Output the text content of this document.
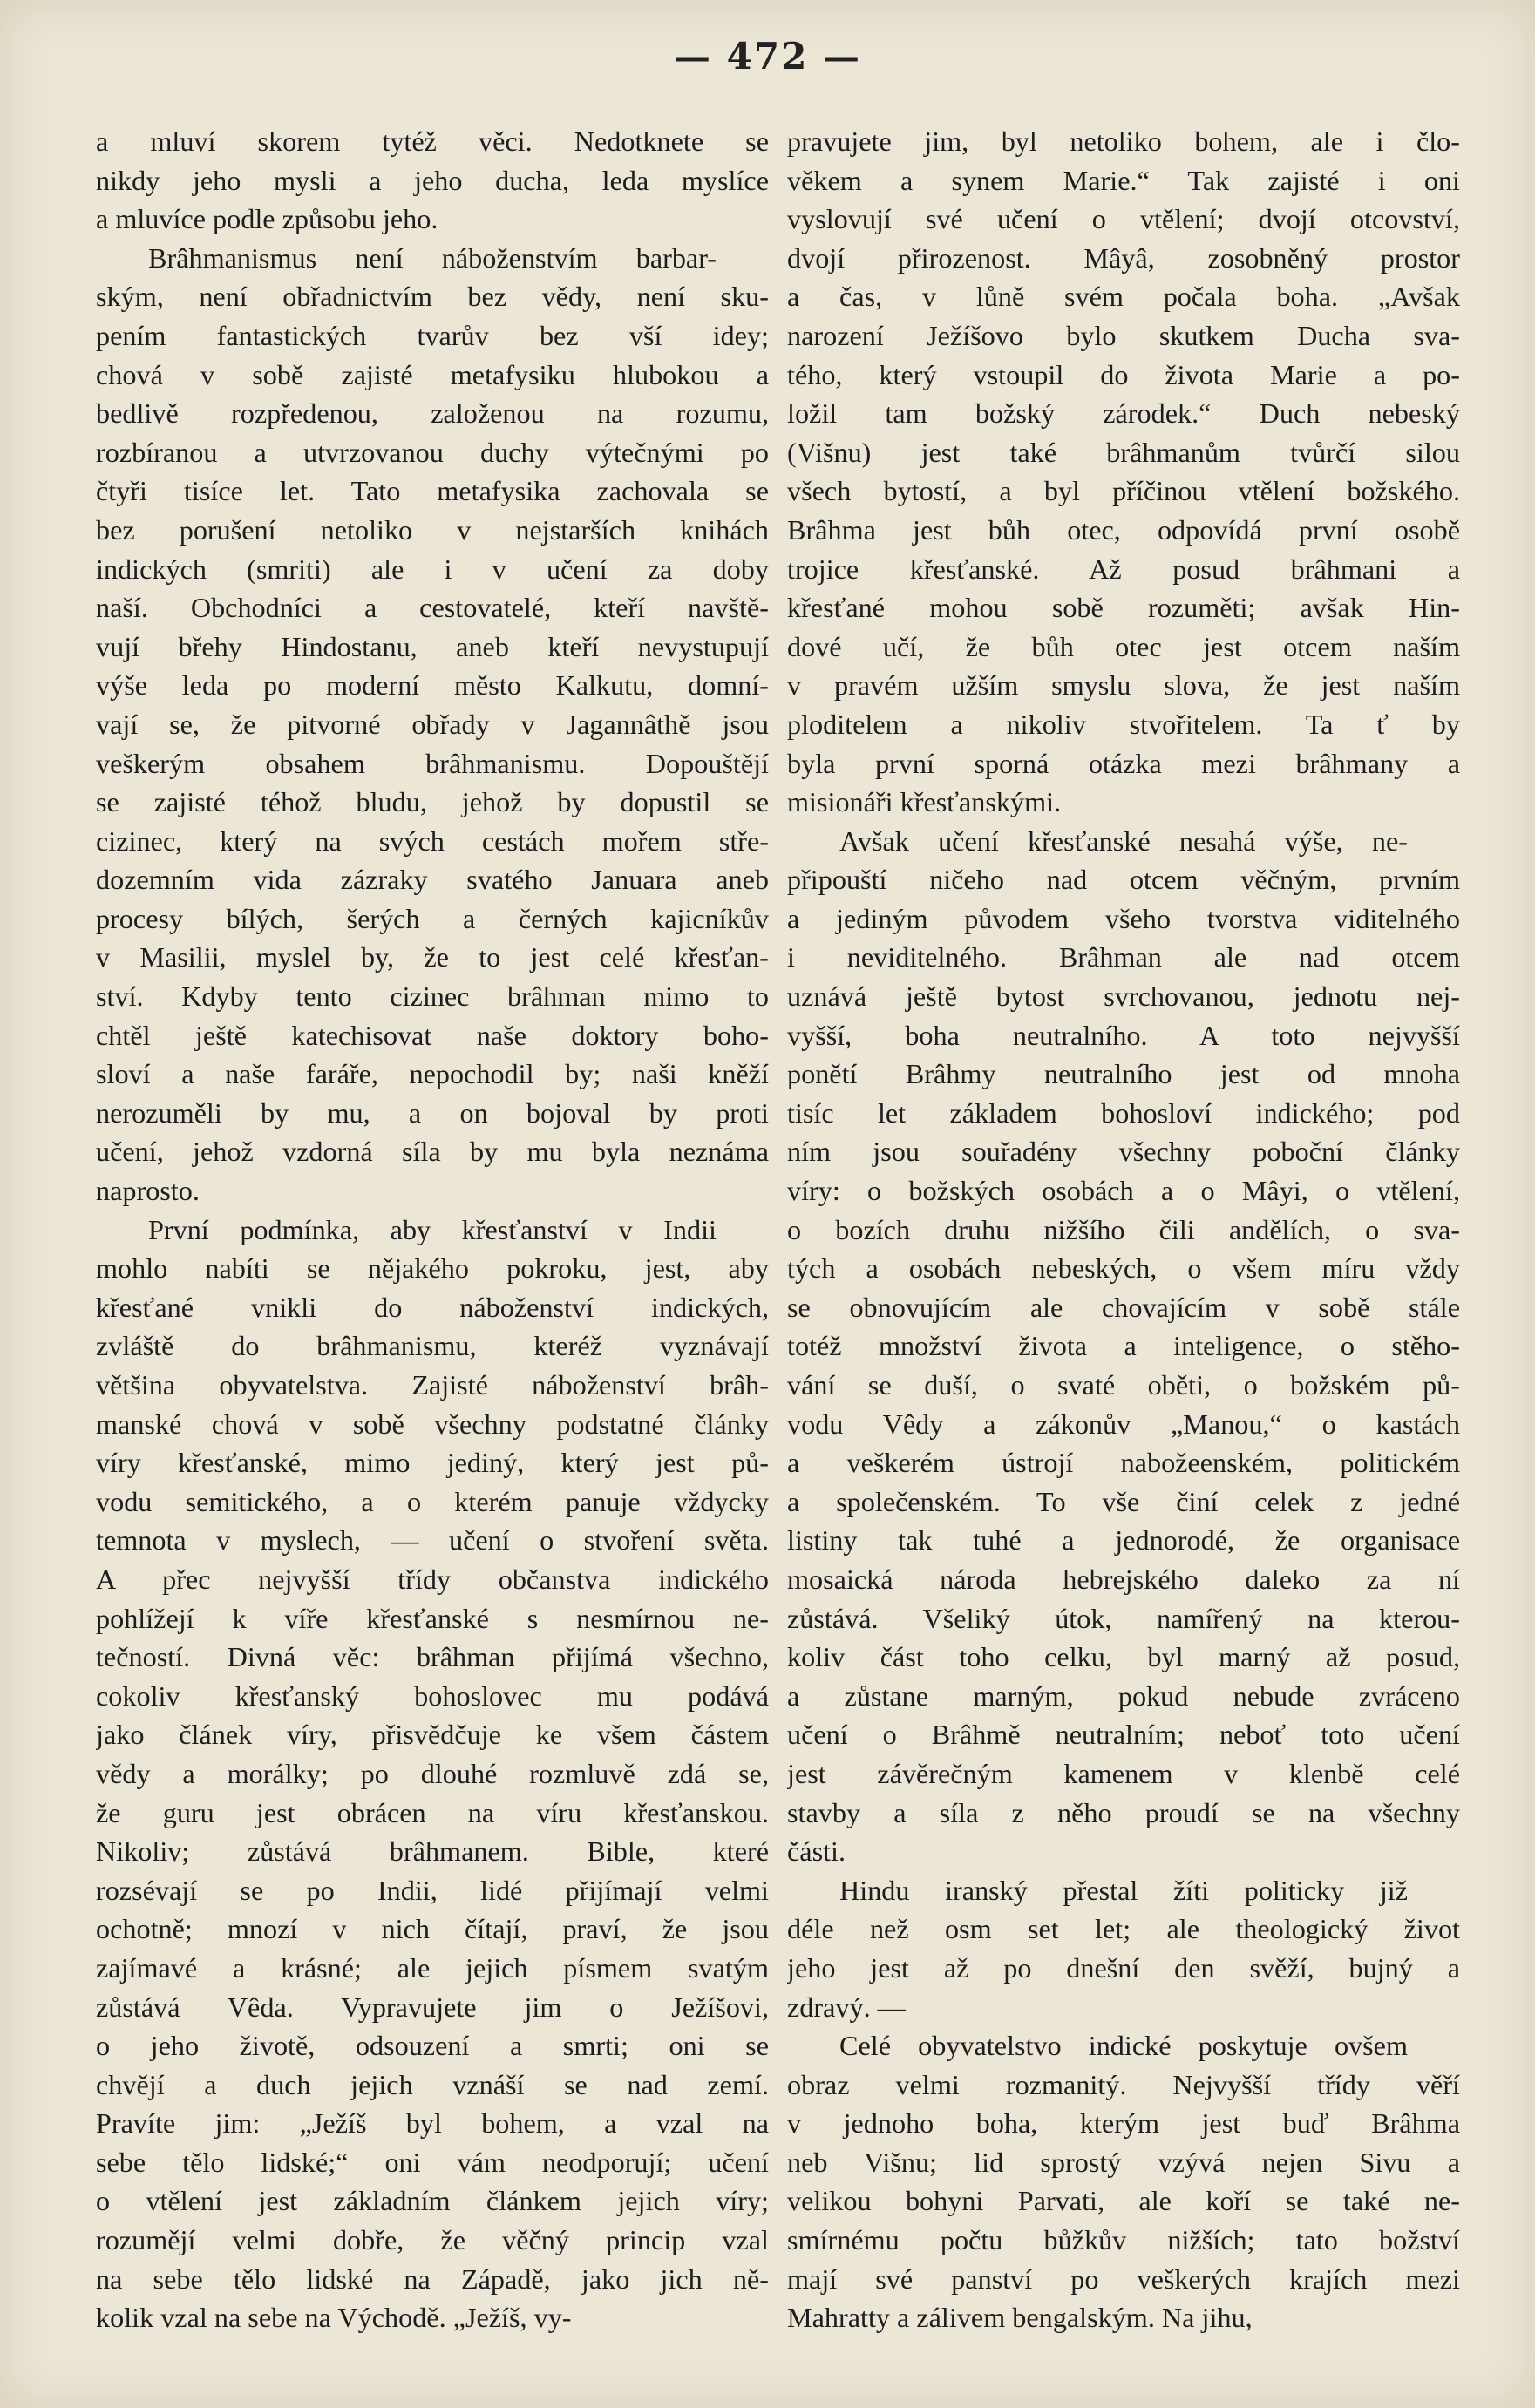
— 472 —
a mluví skorem tytéž věci. Nedotknete se
nikdy jeho mysli a jeho ducha, leda myslíce
a mluvíce podle způsobu jeho.
Brâhmanismus není náboženstvím barbar-
ským, není obřadnictvím bez vědy, není sku-
pením fantastických tvarův bez vší idey;
chová v sobě zajisté metafysiku hlubokou a
bedlivě rozpředenou, založenou na rozumu,
rozbíranou a utvrzovanou duchy výtečnými po
čtyři tisíce let. Tato metafysika zachovala se
bez porušení netoliko v nejstarších knihách
indických (smriti) ale i v učení za doby
naší. Obchodníci a cestovatelé, kteří navště-
vují břehy Hindostanu, aneb kteří nevystupují
výše leda po moderní město Kalkutu, domní-
vají se, že pitvorné obřady v Jagannâthě jsou
veškerým obsahem brâhmanismu. Dopouštějí
se zajisté téhož bludu, jehož by dopustil se
cizinec, který na svých cestách mořem stře-
dozemním vida zázraky svatého Januara aneb
procesy bílých, šerých a černých kajicníkův
v Masilii, myslel by, že to jest celé křesťan-
ství. Kdyby tento cizinec brâhman mimo to
chtěl ještě katechisovat naše doktory boho-
sloví a naše faráře, nepochodil by; naši kněží
nerozuměli by mu, a on bojoval by proti
učení, jehož vzdorná síla by mu byla neznáma
naprosto.
První podmínka, aby křesťanství v Indii
mohlo nabíti se nějakého pokroku, jest, aby
křesťané vnikli do náboženství indických,
zvláště do brâhmanismu, kteréž vyznávají
většina obyvatelstva. Zajisté náboženství brâh-
manské chová v sobě všechny podstatné články
víry křesťanské, mimo jediný, který jest pů-
vodu semitického, a o kterém panuje vždycky
temnota v myslech, — učení o stvoření světa.
A přec nejvyšší třídy občanstva indického
pohlížejí k víře křesťanské s nesmírnou ne-
tečností. Divná věc: brâhman přijímá všechno,
cokoliv křesťanský bohoslovec mu podává
jako článek víry, přisvědčuje ke všem částem
vědy a morálky; po dlouhé rozmluvě zdá se,
že guru jest obrácen na víru křesťanskou.
Nikoliv; zůstává brâhmanem. Bible, které
rozsévají se po Indii, lidé přijímají velmi
ochotně; mnozí v nich čítají, praví, že jsou
zajímavé a krásné; ale jejich písmem svatým
zůstává Vêda. Vypravujete jim o Ježíšovi,
o jeho životě, odsouzení a smrti; oni se
chvějí a duch jejich vznáší se nad zemí.
Pravíte jim: „Ježíš byl bohem, a vzal na
sebe tělo lidské;“ oni vám neodporují; učení
o vtělení jest základním článkem jejich víry;
rozumějí velmi dobře, že věčný princip vzal
na sebe tělo lidské na Západě, jako jich ně-
kolik vzal na sebe na Východě. „Ježíš, vy-
pravujete jim, byl netoliko bohem, ale i člo-
věkem a synem Marie.“ Tak zajisté i oni
vyslovují své učení o vtělení; dvojí otcovství,
dvojí přirozenost. Mâyâ, zosobněný prostor
a čas, v lůně svém počala boha. „Avšak
narození Ježíšovo bylo skutkem Ducha sva-
tého, který vstoupil do života Marie a po-
ložil tam božský zárodek.“ Duch nebeský
(Višnu) jest také brâhmanům tvůrčí silou
všech bytostí, a byl příčinou vtělení božského.
Brâhma jest bůh otec, odpovídá první osobě
trojice křesťanské. Až posud brâhmani a
křesťané mohou sobě rozuměti; avšak Hin-
dové učí, že bůh otec jest otcem naším
v pravém užším smyslu slova, že jest naším
ploditelem a nikoliv stvořitelem. Ta ť by
byla první sporná otázka mezi brâhmany a
misionáři křesťanskými.
Avšak učení křesťanské nesahá výše, ne-
připouští ničeho nad otcem věčným, prvním
a jediným původem všeho tvorstva viditelného
i neviditelného. Brâhman ale nad otcem
uznává ještě bytost svrchovanou, jednotu nej-
vyšší, boha neutralního. A toto nejvyšší
ponětí Brâhmy neutralního jest od mnoha
tisíc let základem bohosloví indického; pod
ním jsou souřadény všechny poboční články
víry: o božských osobách a o Mâyi, o vtělení,
o bozích druhu nižšího čili andělích, o sva-
tých a osobách nebeských, o všem míru vždy
se obnovujícím ale chovajícím v sobě stále
totéž množství života a inteligence, o stěho-
vání se duší, o svaté oběti, o božském pů-
vodu Vêdy a zákonův „Manou,“ o kastách
a veškerém ústrojí nabožeenském, politickém
a společenském. To vše činí celek z jedné
listiny tak tuhé a jednorodé, že organisace
mosaická národa hebrejského daleko za ní
zůstává. Všeliký útok, namířený na kterou-
koliv část toho celku, byl marný až posud,
a zůstane marným, pokud nebude zvráceno
učení o Brâhmě neutralním; neboť toto učení
jest závěrečným kamenem v klenbě celé
stavby a síla z něho proudí se na všechny
části.
Hindu iranský přestal žíti politicky již
déle než osm set let; ale theologický život
jeho jest až po dnešní den svěží, bujný a
zdravý. —
Celé obyvatelstvo indické poskytuje ovšem
obraz velmi rozmanitý. Nejvyšší třídy věří
v jednoho boha, kterým jest buď Brâhma
neb Višnu; lid sprostý vzývá nejen Sivu a
velikou bohyni Parvati, ale koří se také ne-
smírnému počtu bůžkův nižších; tato božství
mají své panství po veškerých krajích mezi
Mahratty a zálivem bengalským. Na jihu,
